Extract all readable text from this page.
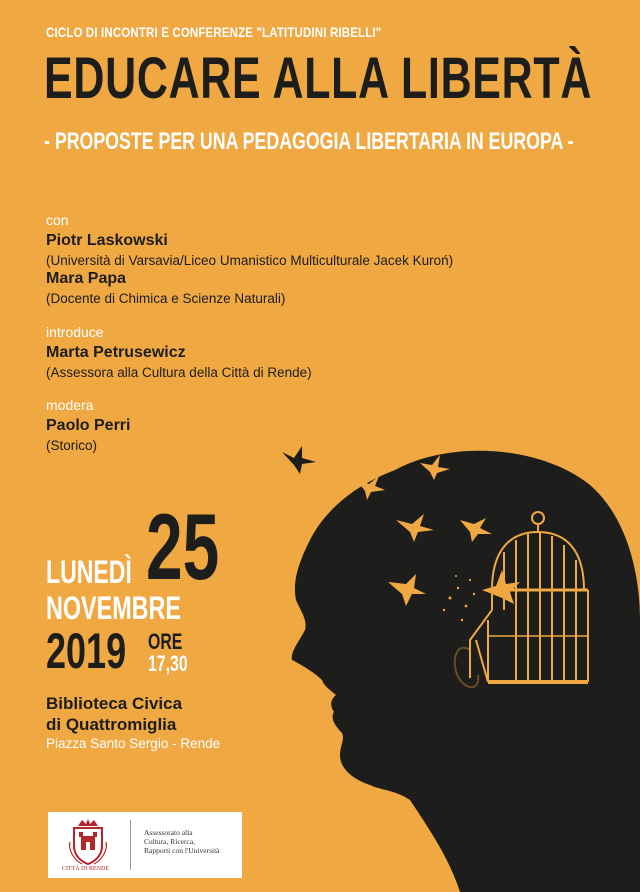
CICLO DI INCONTRI E CONFERENZE "LATITUDINI RIBELLI"
EDUCARE ALLA LIBERTÀ
- PROPOSTE PER UNA PEDAGOGIA LIBERTARIA IN EUROPA -
con
Piotr Laskowski
(Università di Varsavia/Liceo Umanistico Multiculturale Jacek Kuroń)
Mara Papa
(Docente di Chimica e Scienze Naturali)
introduce
Marta Petrusewicz
(Assessora alla Cultura della Città di Rende)
modera
Paolo Perri
(Storico)
LUNEDÌ 25
NOVEMBRE
2019 ORE
17,30
Biblioteca Civica
di Quattromiglia
Piazza Santo Sergio - Rende
CITTÀ DI RENDE
Assessorato alla
Cultura, Ricerca,
Rapporti con l'Università
